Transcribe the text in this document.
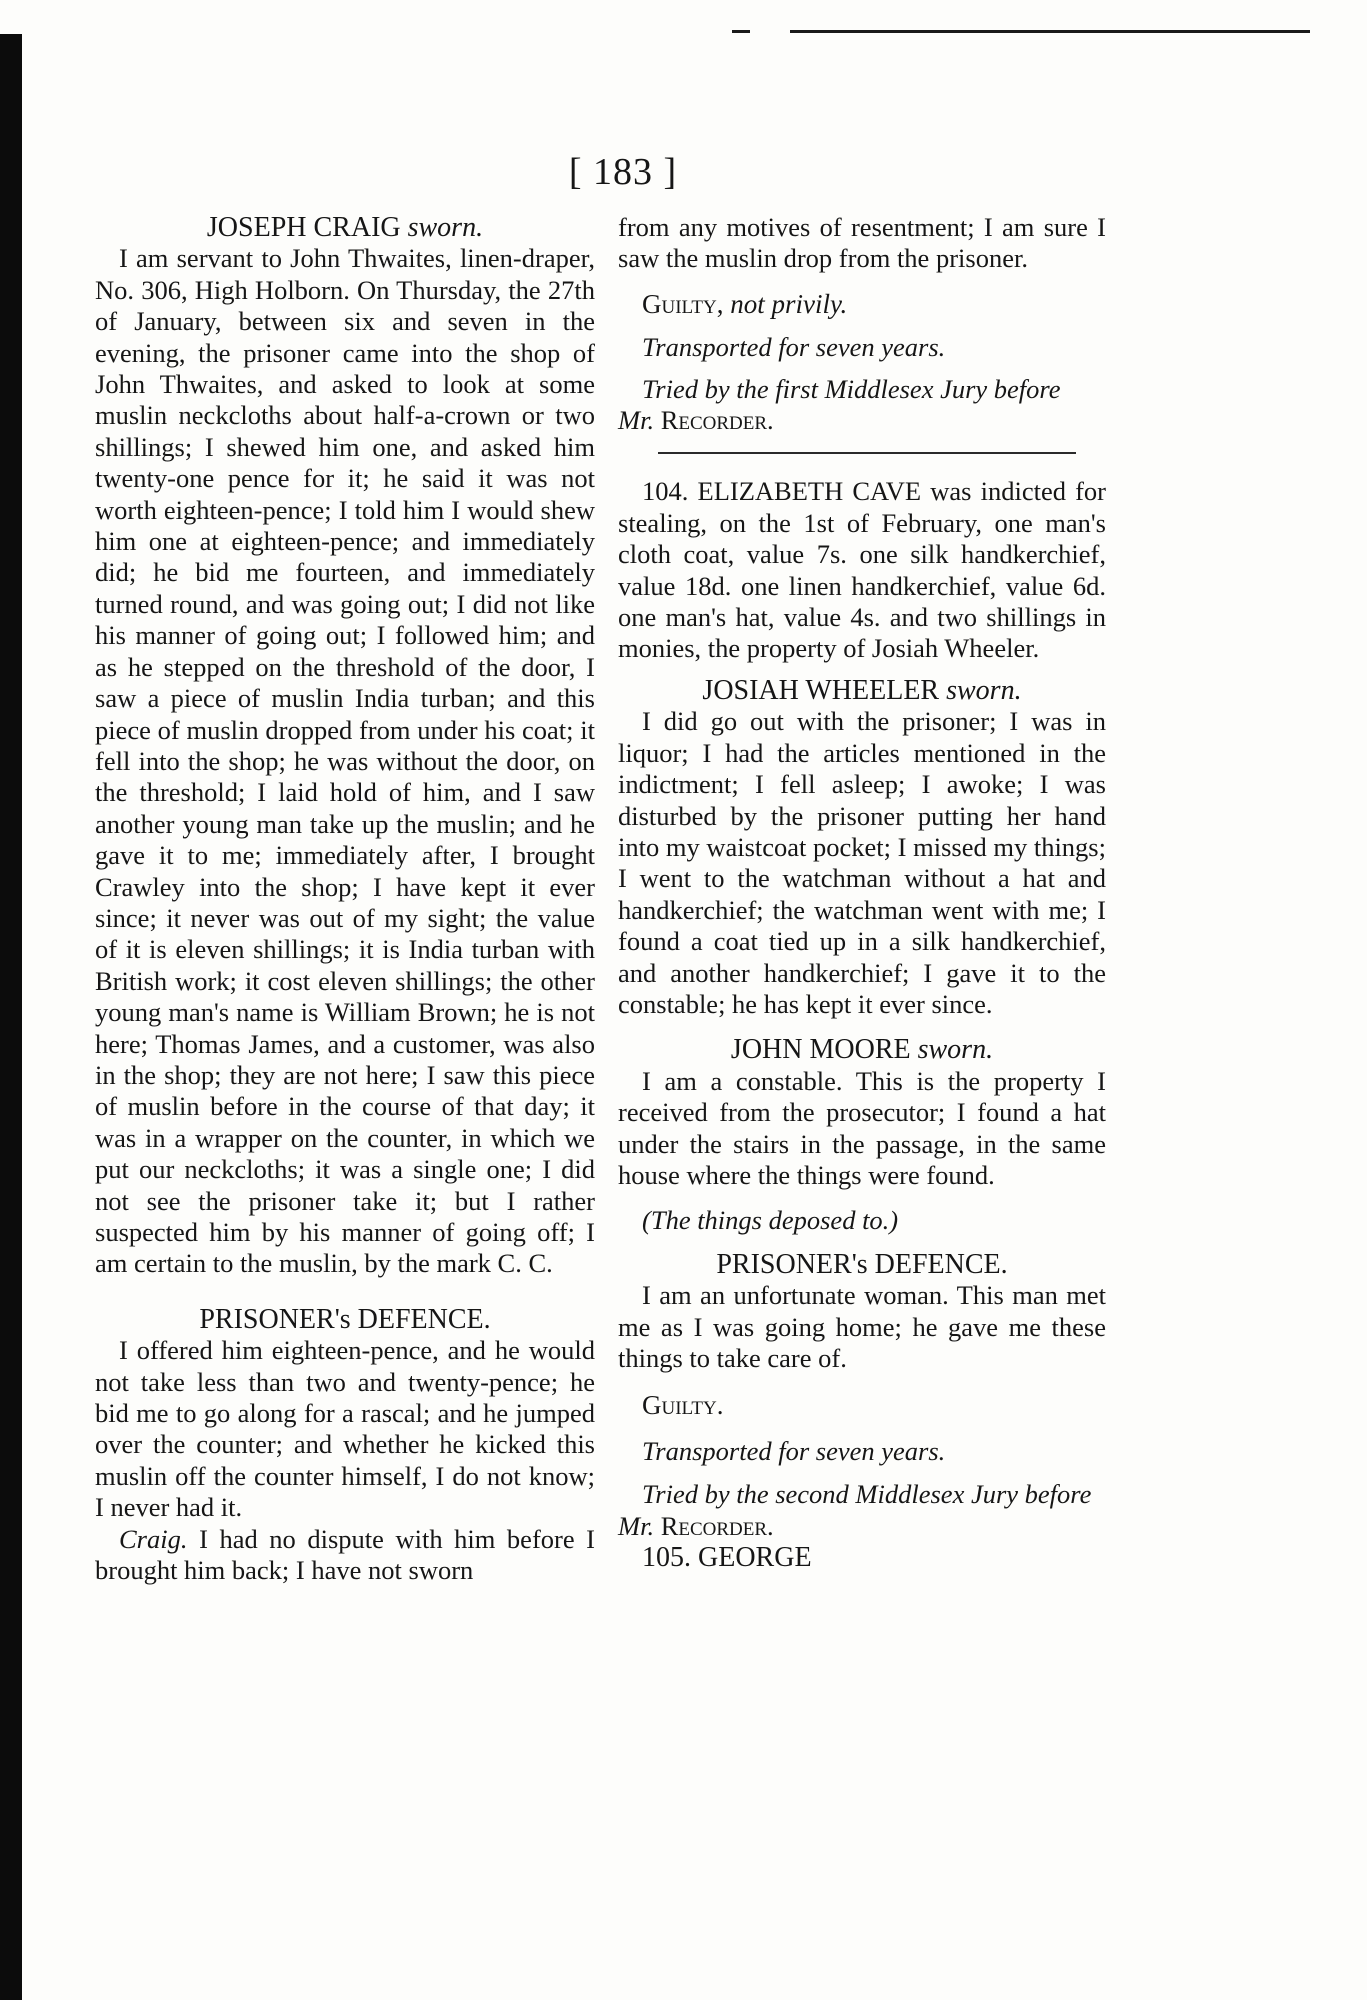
[ 183 ]
JOSEPH CRAIG sworn.

I am servant to John Thwaites, linen-draper, No. 306, High Holborn. On Thursday, the 27th of January, between six and seven in the evening, the prisoner came into the shop of John Thwaites, and asked to look at some muslin neckcloths about half-a-crown or two shillings; I shewed him one, and asked him twenty-one pence for it; he said it was not worth eighteen-pence; I told him I would shew him one at eighteen-pence; and immediately did; he bid me fourteen, and immediately turned round, and was going out; I did not like his manner of going out; I followed him; and as he stepped on the threshold of the door, I saw a piece of muslin India turban; and this piece of muslin dropped from under his coat; it fell into the shop; he was without the door, on the threshold; I laid hold of him, and I saw another young man take up the muslin; and he gave it to me; immediately after, I brought Crawley into the shop; I have kept it ever since; it never was out of my sight; the value of it is eleven shillings; it is India turban with British work; it cost eleven shillings; the other young man's name is William Brown; he is not here; Thomas James, and a customer, was also in the shop; they are not here; I saw this piece of muslin before in the course of that day; it was in a wrapper on the counter, in which we put our neckcloths; it was a single one; I did not see the prisoner take it; but I rather suspected him by his manner of going off; I am certain to the muslin, by the mark C. C.

PRISONER's DEFENCE.

I offered him eighteen-pence, and he would not take less than two and twenty-pence; he bid me to go along for a rascal; and he jumped over the counter; and whether he kicked this muslin off the counter himself, I do not know; I never had it.

Craig. I had no dispute with him before I brought him back; I have not sworn

from any motives of resentment; I am sure I saw the muslin drop from the prisoner.

Guilty, not privily.

Transported for seven years.

Tried by the first Middlesex Jury before
Mr. Recorder.

104. ELIZABETH CAVE was indicted for stealing, on the 1st of February, one man's cloth coat, value 7s. one silk handkerchief, value 18d. one linen handkerchief, value 6d. one man's hat, value 4s. and two shillings in monies, the property of Josiah Wheeler.

JOSIAH WHEELER sworn.

I did go out with the prisoner; I was in liquor; I had the articles mentioned in the indictment; I fell asleep; I awoke; I was disturbed by the prisoner putting her hand into my waistcoat pocket; I missed my things; I went to the watchman without a hat and handkerchief; the watchman went with me; I found a coat tied up in a silk handkerchief, and another handkerchief; I gave it to the constable; he has kept it ever since.

JOHN MOORE sworn.

I am a constable. This is the property I received from the prosecutor; I found a hat under the stairs in the passage, in the same house where the things were found.

(The things deposed to.)

PRISONER's DEFENCE.

I am an unfortunate woman. This man met me as I was going home; he gave me these things to take care of.

Guilty.

Transported for seven years.

Tried by the second Middlesex Jury before
Mr. Recorder.

105. GEORGE
